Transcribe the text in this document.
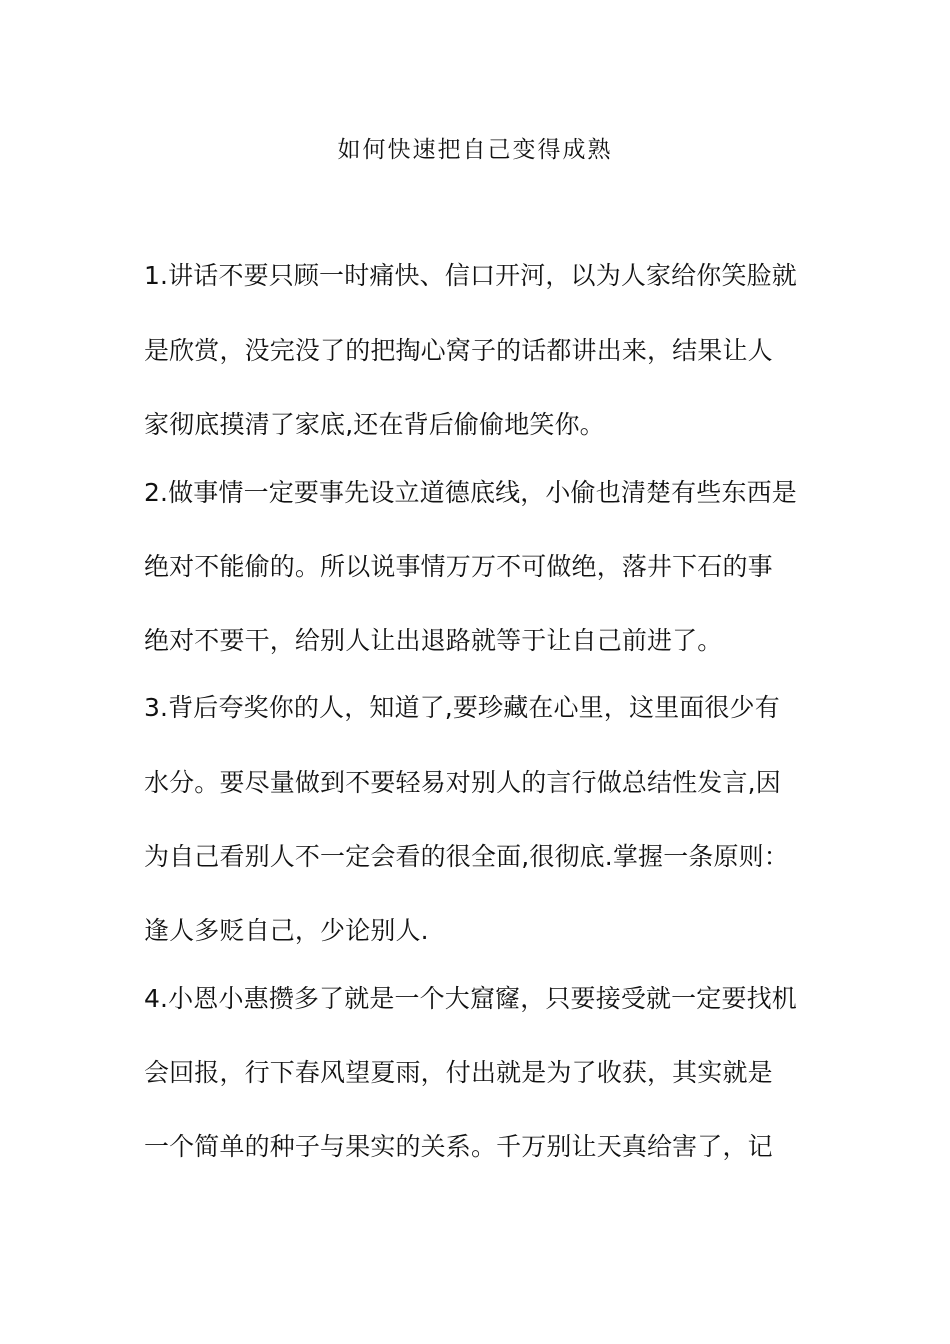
如何快速把自己变得成熟
1.讲话不要只顾一时痛快、信口开河，以为人家给你笑脸就
是欣赏，没完没了的把掏心窝子的话都讲出来，结果让人
家彻底摸清了家底,还在背后偷偷地笑你。
2.做事情一定要事先设立道德底线，小偷也清楚有些东西是
绝对不能偷的。所以说事情万万不可做绝，落井下石的事
绝对不要干，给别人让出退路就等于让自己前进了。
3.背后夸奖你的人，知道了,要珍藏在心里，这里面很少有
水分。要尽量做到不要轻易对别人的言行做总结性发言,因
为自己看别人不一定会看的很全面,很彻底.掌握一条原则：
逢人多贬自己，少论别人.
4.小恩小惠攒多了就是一个大窟窿，只要接受就一定要找机
会回报，行下春风望夏雨，付出就是为了收获，其实就是
一个简单的种子与果实的关系。千万别让天真给害了，记
